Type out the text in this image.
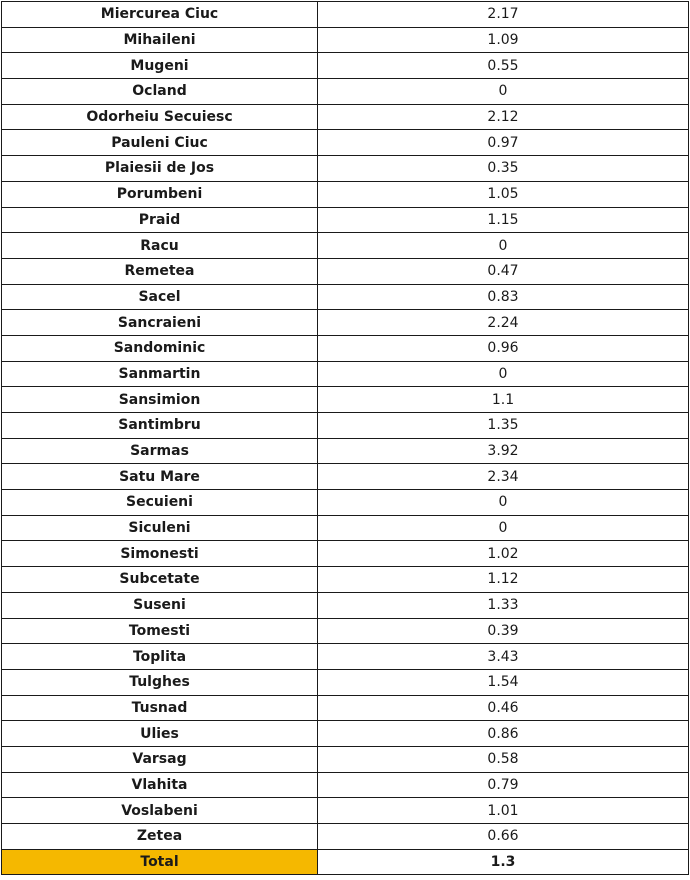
Miercurea Ciuc	2.17
Mihaileni	1.09
Mugeni	0.55
Ocland	0
Odorheiu Secuiesc	2.12
Pauleni Ciuc	0.97
Plaiesii de Jos	0.35
Porumbeni	1.05
Praid	1.15
Racu	0
Remetea	0.47
Sacel	0.83
Sancraieni	2.24
Sandominic	0.96
Sanmartin	0
Sansimion	1.1
Santimbru	1.35
Sarmas	3.92
Satu Mare	2.34
Secuieni	0
Siculeni	0
Simonesti	1.02
Subcetate	1.12
Suseni	1.33
Tomesti	0.39
Toplita	3.43
Tulghes	1.54
Tusnad	0.46
Ulies	0.86
Varsag	0.58
Vlahita	0.79
Voslabeni	1.01
Zetea	0.66
Total	1.3
